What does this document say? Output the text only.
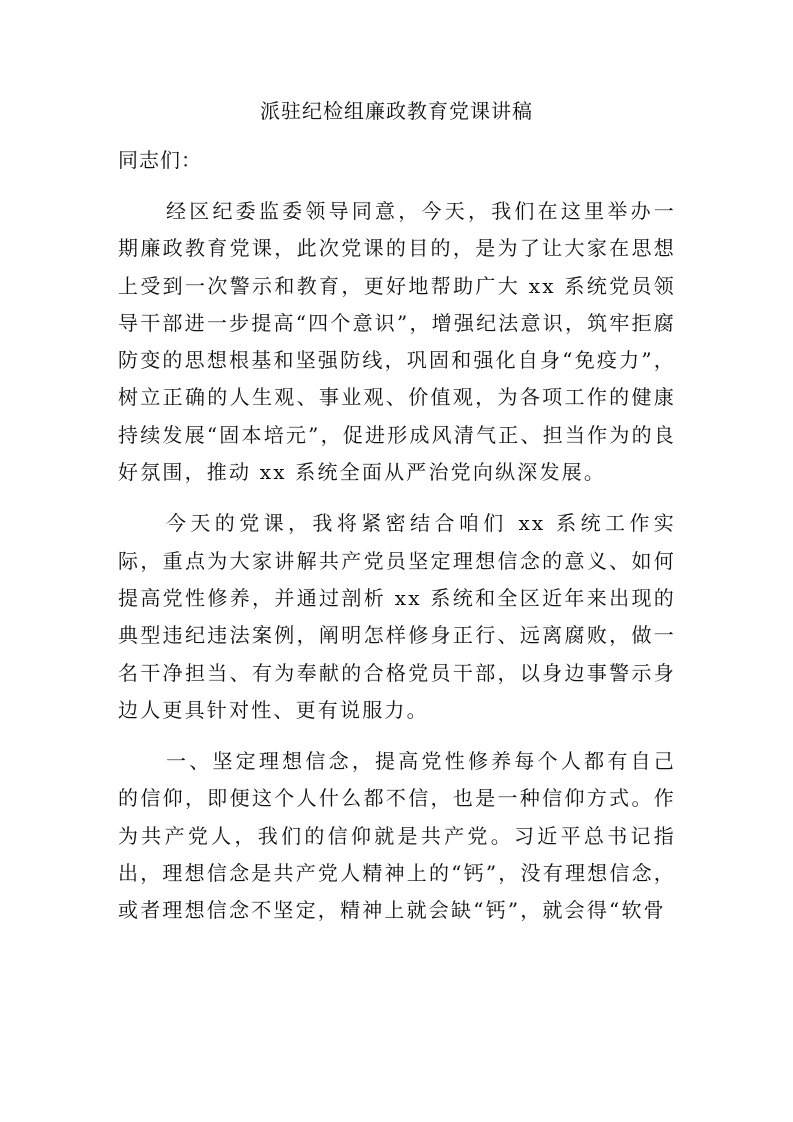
派驻纪检组廉政教育党课讲稿

同志们：

经区纪委监委领导同意，今天，我们在这里举办一期廉政教育党课，此次党课的目的，是为了让大家在思想上受到一次警示和教育，更好地帮助广大 xx 系统党员领导干部进一步提高“四个意识”，增强纪法意识，筑牢拒腐防变的思想根基和坚强防线，巩固和强化自身“免疫力”，树立正确的人生观、事业观、价值观，为各项工作的健康持续发展“固本培元”，促进形成风清气正、担当作为的良好氛围，推动 xx 系统全面从严治党向纵深发展。

今天的党课，我将紧密结合咱们 xx 系统工作实际，重点为大家讲解共产党员坚定理想信念的意义、如何提高党性修养，并通过剖析 xx 系统和全区近年来出现的典型违纪违法案例，阐明怎样修身正行、远离腐败，做一名干净担当、有为奉献的合格党员干部，以身边事警示身边人更具针对性、更有说服力。

一、坚定理想信念，提高党性修养每个人都有自己的信仰，即便这个人什么都不信，也是一种信仰方式。作为共产党人，我们的信仰就是共产党。习近平总书记指出，理想信念是共产党人精神上的“钙”，没有理想信念，或者理想信念不坚定，精神上就会缺“钙”，就会得“软骨
